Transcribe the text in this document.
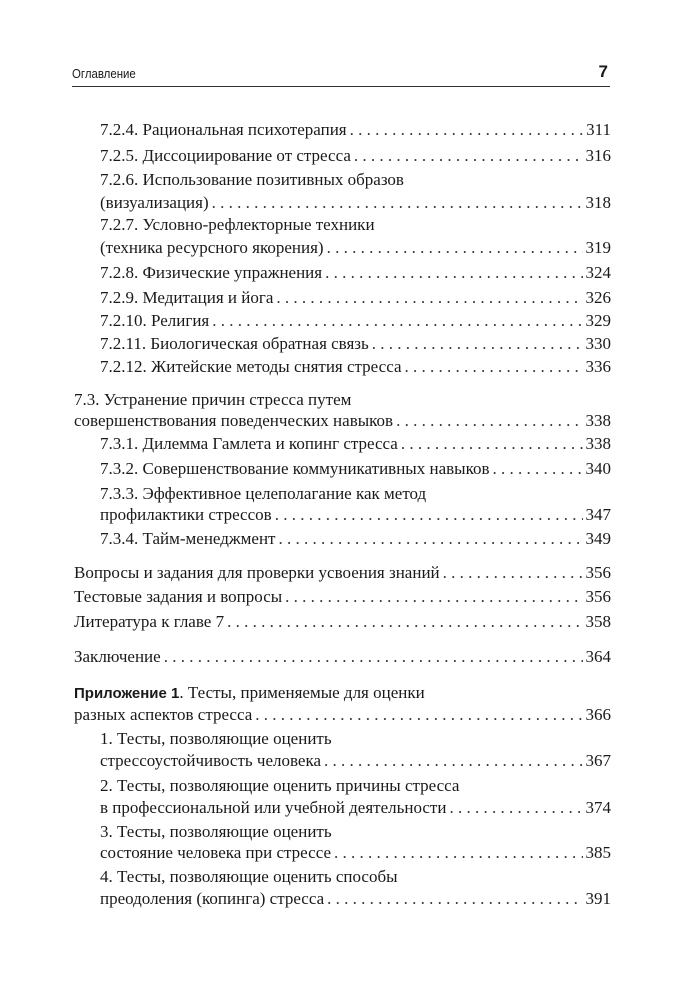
Оглавление	7
7.2.4. Рациональная психотерапия . . .	311
7.2.5. Диссоциирование от стресса . . .	316
7.2.6. Использование позитивных образов
(визуализация) . . .	318
7.2.7. Условно-рефлекторные техники
(техника ресурсного якорения) . . .	319
7.2.8. Физические упражнения . . .	324
7.2.9. Медитация и йога . . .	326
7.2.10. Религия . . .	329
7.2.11. Биологическая обратная связь . . .	330
7.2.12. Житейские методы снятия стресса . . .	336
7.3. Устранение причин стресса путем
совершенствования поведенческих навыков . . .	338
7.3.1. Дилемма Гамлета и копинг стресса . . .	338
7.3.2. Совершенствование коммуникативных навыков . . .	340
7.3.3. Эффективное целеполагание как метод
профилактики стрессов . . .	347
7.3.4. Тайм-менеджмент . . .	349
Вопросы и задания для проверки усвоения знаний . . .	356
Тестовые задания и вопросы . . .	356
Литература к главе 7 . . .	358
Заключение . . .	364
Приложение 1. Тесты, применяемые для оценки
разных аспектов стресса . . .	366
1. Тесты, позволяющие оценить
стрессоустойчивость человека . . .	367
2. Тесты, позволяющие оценить причины стресса
в профессиональной или учебной деятельности . . .	374
3. Тесты, позволяющие оценить
состояние человека при стрессе . . .	385
4. Тесты, позволяющие оценить способы
преодоления (копинга) стресса . . .	391
